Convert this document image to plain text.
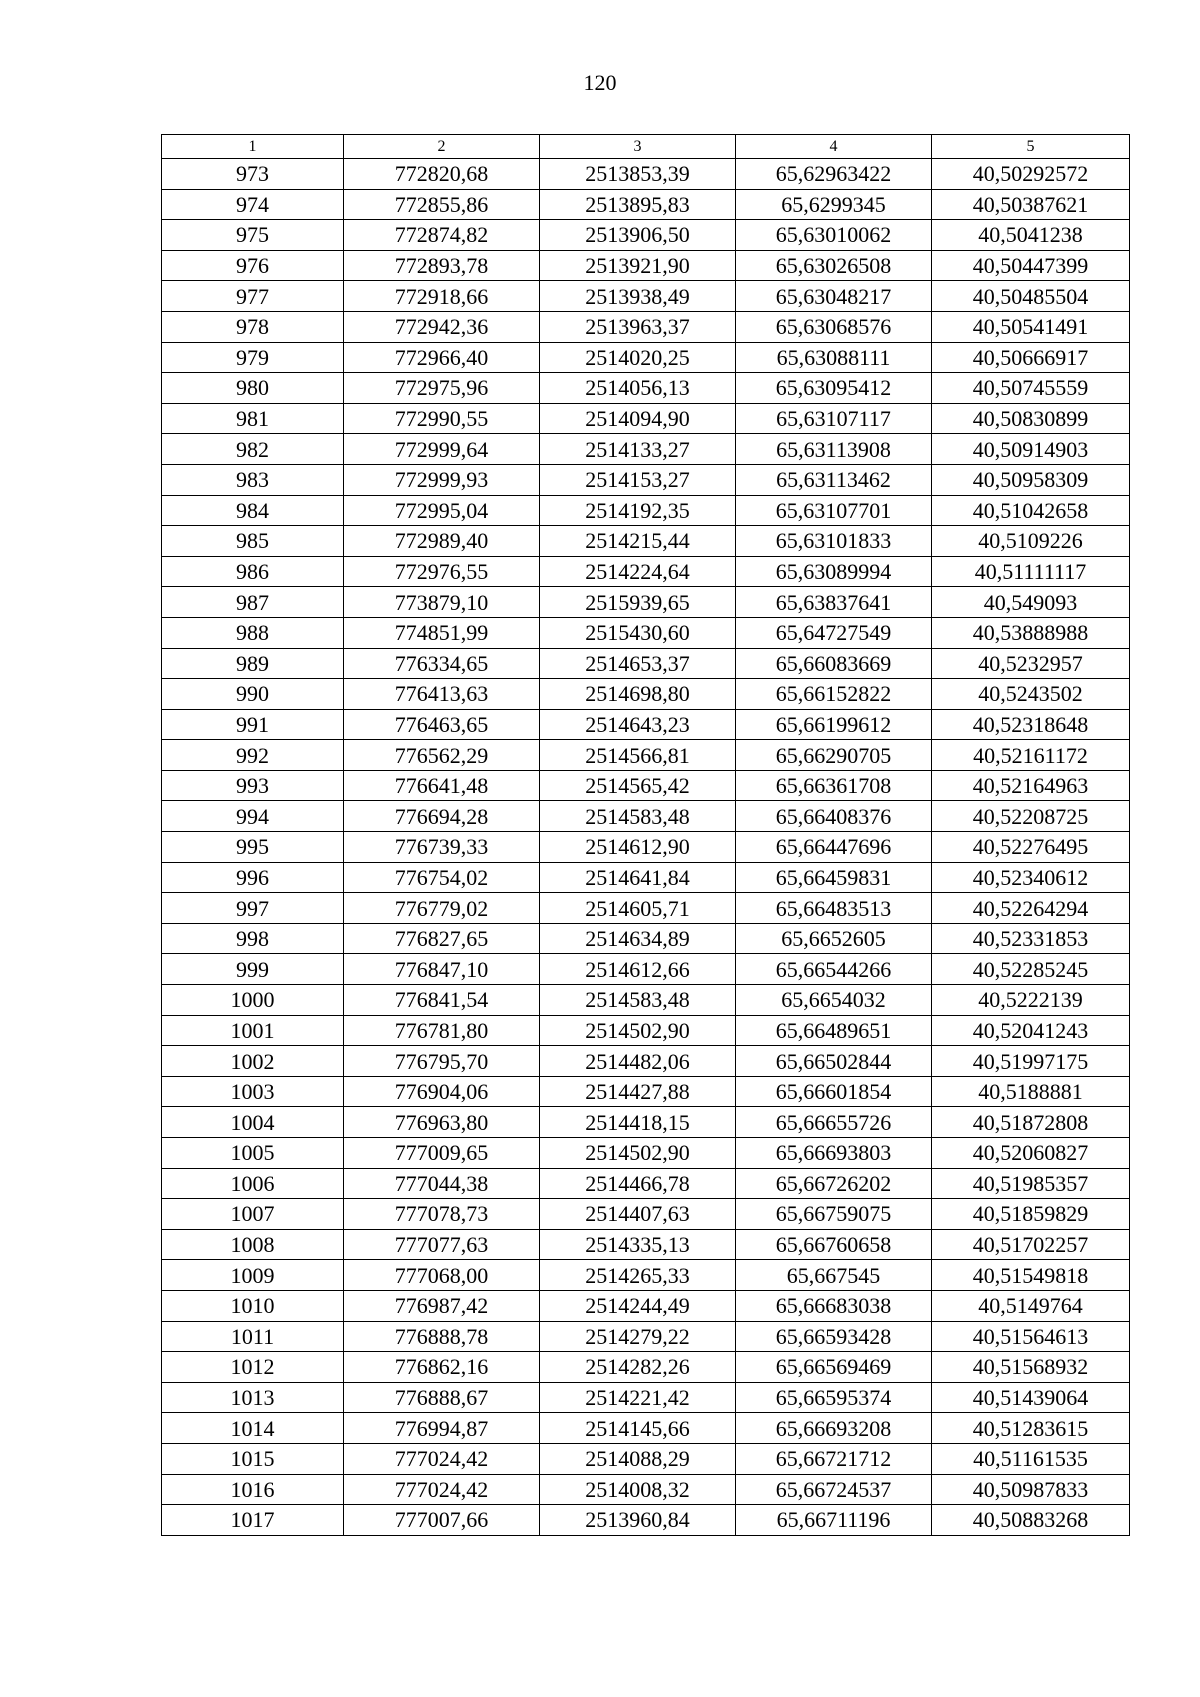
120
1	2	3	4	5
973	772820,68	2513853,39	65,62963422	40,50292572
974	772855,86	2513895,83	65,6299345	40,50387621
975	772874,82	2513906,50	65,63010062	40,5041238
976	772893,78	2513921,90	65,63026508	40,50447399
977	772918,66	2513938,49	65,63048217	40,50485504
978	772942,36	2513963,37	65,63068576	40,50541491
979	772966,40	2514020,25	65,63088111	40,50666917
980	772975,96	2514056,13	65,63095412	40,50745559
981	772990,55	2514094,90	65,63107117	40,50830899
982	772999,64	2514133,27	65,63113908	40,50914903
983	772999,93	2514153,27	65,63113462	40,50958309
984	772995,04	2514192,35	65,63107701	40,51042658
985	772989,40	2514215,44	65,63101833	40,5109226
986	772976,55	2514224,64	65,63089994	40,51111117
987	773879,10	2515939,65	65,63837641	40,549093
988	774851,99	2515430,60	65,64727549	40,53888988
989	776334,65	2514653,37	65,66083669	40,5232957
990	776413,63	2514698,80	65,66152822	40,5243502
991	776463,65	2514643,23	65,66199612	40,52318648
992	776562,29	2514566,81	65,66290705	40,52161172
993	776641,48	2514565,42	65,66361708	40,52164963
994	776694,28	2514583,48	65,66408376	40,52208725
995	776739,33	2514612,90	65,66447696	40,52276495
996	776754,02	2514641,84	65,66459831	40,52340612
997	776779,02	2514605,71	65,66483513	40,52264294
998	776827,65	2514634,89	65,6652605	40,52331853
999	776847,10	2514612,66	65,66544266	40,52285245
1000	776841,54	2514583,48	65,6654032	40,5222139
1001	776781,80	2514502,90	65,66489651	40,52041243
1002	776795,70	2514482,06	65,66502844	40,51997175
1003	776904,06	2514427,88	65,66601854	40,5188881
1004	776963,80	2514418,15	65,66655726	40,51872808
1005	777009,65	2514502,90	65,66693803	40,52060827
1006	777044,38	2514466,78	65,66726202	40,51985357
1007	777078,73	2514407,63	65,66759075	40,51859829
1008	777077,63	2514335,13	65,66760658	40,51702257
1009	777068,00	2514265,33	65,667545	40,51549818
1010	776987,42	2514244,49	65,66683038	40,5149764
1011	776888,78	2514279,22	65,66593428	40,51564613
1012	776862,16	2514282,26	65,66569469	40,51568932
1013	776888,67	2514221,42	65,66595374	40,51439064
1014	776994,87	2514145,66	65,66693208	40,51283615
1015	777024,42	2514088,29	65,66721712	40,51161535
1016	777024,42	2514008,32	65,66724537	40,50987833
1017	777007,66	2513960,84	65,66711196	40,50883268
